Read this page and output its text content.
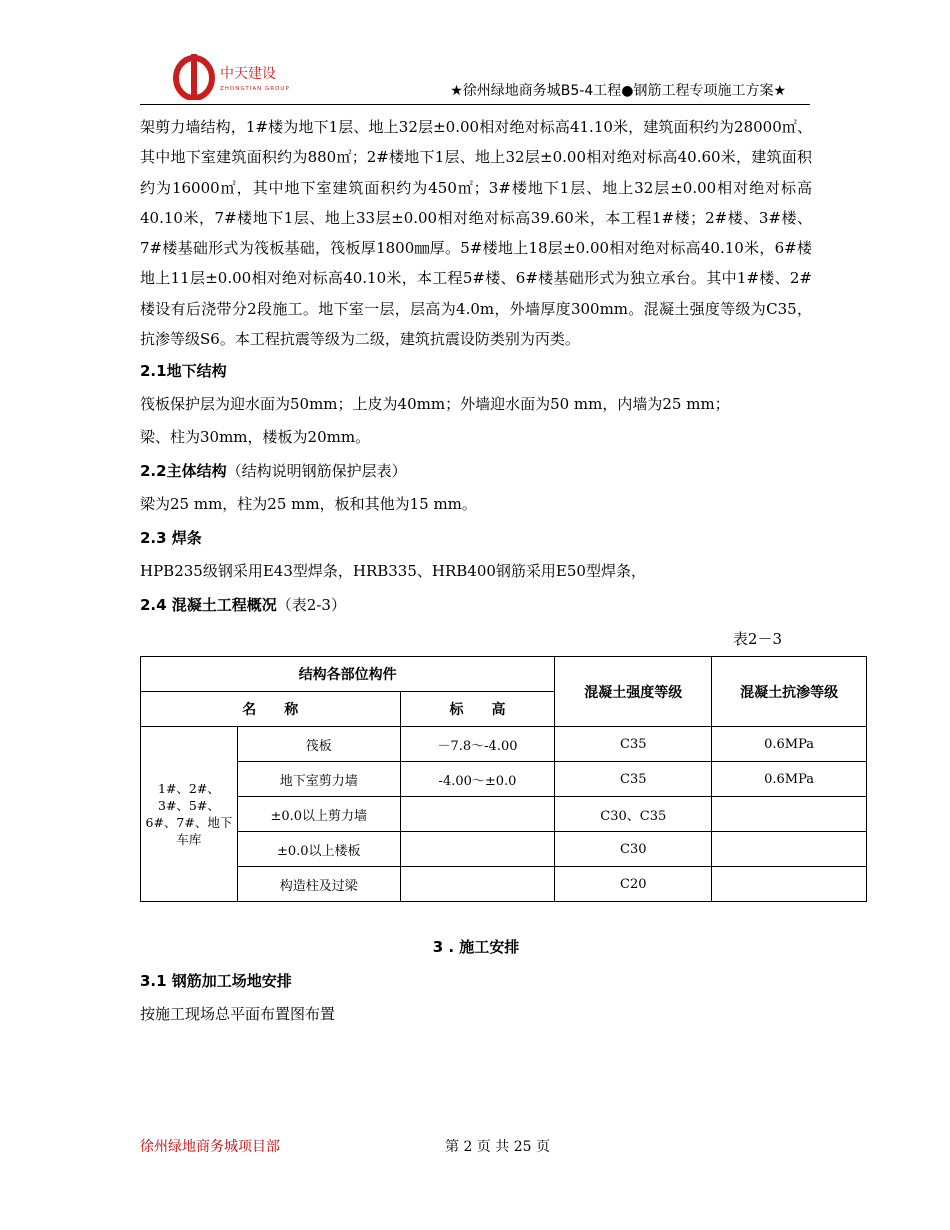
中天建设
ZHONGTIAN GROUP	★徐州绿地商务城B5-4工程●钢筋工程专项施工方案★
架剪力墙结构，1#楼为地下1层、地上32层±0.00相对绝对标高41.10米，建筑面积约为28000㎡、其中地下室建筑面积约为880㎡；2#楼地下1层、地上32层±0.00相对绝对标高40.60米，建筑面积约为16000㎡，其中地下室建筑面积约为450㎡；3#楼地下1层、地上32层±0.00相对绝对标高40.10米，7#楼地下1层、地上33层±0.00相对绝对标高39.60米，本工程1#楼；2#楼、3#楼、7#楼基础形式为筏板基础，筏板厚1800㎜厚。5#楼地上18层±0.00相对绝对标高40.10米，6#楼地上11层±0.00相对绝对标高40.10米，本工程5#楼、6#楼基础形式为独立承台。其中1#楼、2#楼设有后浇带分2段施工。地下室一层，层高为4.0m，外墙厚度300mm。混凝土强度等级为C35，抗渗等级S6。本工程抗震等级为二级，建筑抗震设防类别为丙类。
2.1地下结构
筏板保护层为迎水面为50mm；上皮为40mm；外墙迎水面为50 mm，内墙为25 mm；
梁、柱为30mm，楼板为20mm。
2.2主体结构（结构说明钢筋保护层表）
梁为25 mm，柱为25 mm，板和其他为15 mm。
2.3 焊条
HPB235级钢采用E43型焊条，HRB335、HRB400钢筋采用E50型焊条，
2.4 混凝土工程概况（表2-3）
表2－3
结构各部位构件			混凝土强度等级	混凝土抗渗等级
名　　称		标　　高		
1#、2#、3#、5#、6#、7#、地下车库	筏板	－7.8～-4.00	C35	0.6MPa
	地下室剪力墙	-4.00～±0.0	C35	0.6MPa
	±0.0以上剪力墙		C30、C35	
	±0.0以上楼板		C30	
	构造柱及过梁		C20	
3 . 施工安排
3.1 钢筋加工场地安排
按施工现场总平面布置图布置
徐州绿地商务城项目部	第 2 页 共 25 页
